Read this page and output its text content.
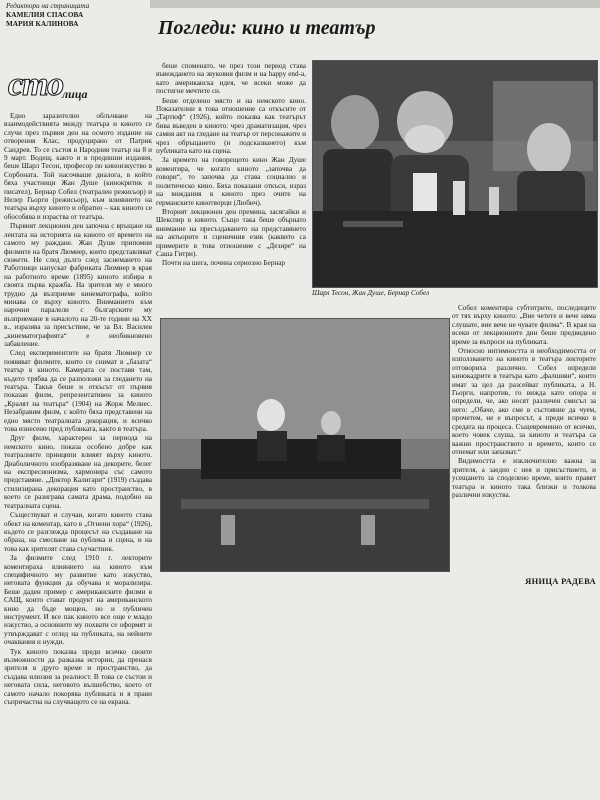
Редактори на страницата
КАМЕЛИЯ СПАСОВА
МАРИЯ КАЛИНОВА
сто
лица
Погледи: кино и театър

Едно заразително облъчване на взаимодействията между театъра и киното се случи през първия ден на осмото издание на отворения Клас, продуцирано от Патрик Сандрев. То се състоя в Народния театър на 8 и 9 март. Водещ, както и в предишни издания, беше Шарл Тесон, професор по киноизкуство в Сорбоната. Той насочваше диалога, в който бяха участници Жан Душе (кинокритик и писател), Бернар Собел (театрален режисьор) и Нелер Гьорги (режисьор), към влиянието на театъра върху киното и обратно – как киното се обособява и израства от театъра.

Първият лекционен ден започна с връщане на лентата на историята на киното от времето на самото му раждане. Жан Душе припомни филмите на братя Люмиер, които представляват сюжети. Не след дълго след заснемането на Работници напускат фабриката Люмиер в края на работното време (1895) киното избира в своята първа кражба. На зрителя му е много трудно да възприеме кинематографа, който минава се върху киното. Вниманието към нарочни паралели с българските му възприемане в началото на 20-те години на ХХ в., изразява за присъствие, че за Вл. Василев „кинематографията“ е необикновено забавление.

След експериментите на братя Люмиер се появяват филмите, които се снимат в „базата“ театър в киното. Камерата се поставя там, където трябва да се разположи за гледането на театъра. Такъв беше и откъсът от първия показан филм, репрезентативен за киното „Кралят на театъра“ (1904) на Жорж Мелиес. Незабравим филм, с който бяха представени на едно място театралната декорация, и всичко това изнесено пред публиката, както в театъра.

Друг филм, характерен за периода на немското кино, показа особено добре как театралните принципи влияят върху киното. Диаболичното изобразяване на декорите, белег на експресионизма, хармонира със самото представяне. „Доктор Калигари“ (1919) създава стилизирана декорация като пространство, в което се разиграва самата драма, подобно на театралната сцена.

Съществуват и случаи, когато киното става обект на коментар, като в „Огнени хора“ (1926), където се разглежда процесът на създаване на образа, на смесване на публика и сцена, и на това как зрителят става съучастник.

За филмите след 1910 г. лекторите коментираха влиянието на киното към специфичното му развитие като изкуство, неговата функция да обучава и морализира. Беше даден пример с американските филми в САЩ, които стават продукт на американското кино да бъде мощен, но и публичен инструмент. И все пак киното все още е младо изкуство, а основните му похвати се оформят и утвърждават с оглед на публиката, на нейните очаквания и нужди.

Тук киното показва преди всичко своите възможности да разказва истории, да пренася зрителя в друго време и пространство, да създава илюзия за реалност. В това се състои и неговата сила, неговото вълшебство, което от самото начало покорява публиката и я прави съпричастна на случващото се на екрана.

беше споменато, че през този период става въвеждането на звуковия филм и на happy end-а, като американска идея, че всеки може да постигне мечтите си.

Беше отделено място и на немското кино. Показателни в това отношение са откъсите от „Тартюф“ (1926), който показва как театърът бива въведен в киното: чрез драматизация, чрез самия акт на гледане на театър от персонажите и чрез обръщането (и подсказването) към публиката като на сцена.

За времето на говорещото кино Жан Душе коментира, че когато киното „започва да говори“, то започва да става социално и политическо кино. Бяха показани откъси, израз на виждания в киното през очите на германските кинотворци (Любич).

Вторият лекционен ден премина, засягайки и Шекспир в киното. Също така беше обърнато внимание на пресъздаването на представянето на актьорите и сценичния език (каквито са примерите в това отношение с „Дезире“ на Саша Гитри).

Почти на шега, почина сериозно Бернар

Шарл Тесон, Жан Душе, Бернар Собел

Собел коментира субтитрите, последиците от тях върху киното: „Вие четете и вече няма слушате, вие вече не чувате филма“. В края на всеки от лекционните дни беше предвидено време за въпроси на публиката.

Относно интимността и необходимостта от използването на киното в театъра лекторите отговориха различно. Собел определи кинокадрите в театъра като „фалшиви“, които имат за цел да разсейват публиката, а Н. Гьорги, напротив, го вижда като опора и определи, че, ако носят различен смисъл за него: „Обаче, ако сме в състояние да чуем, прочетем, не е въпросът, а преди всичко в средата на процеса. Същевременно от всичко, което човек слуша, за киното и театъра са важни пространството и времето, които се отнемат или запазват.“

Видимостта е изключително важна за зрителя, а заедно с нея и присъствието, и усещането за споделено време, които правят театъра и киното така близки и толкова различни изкуства.

ЯНИЦА РАДЕВА
